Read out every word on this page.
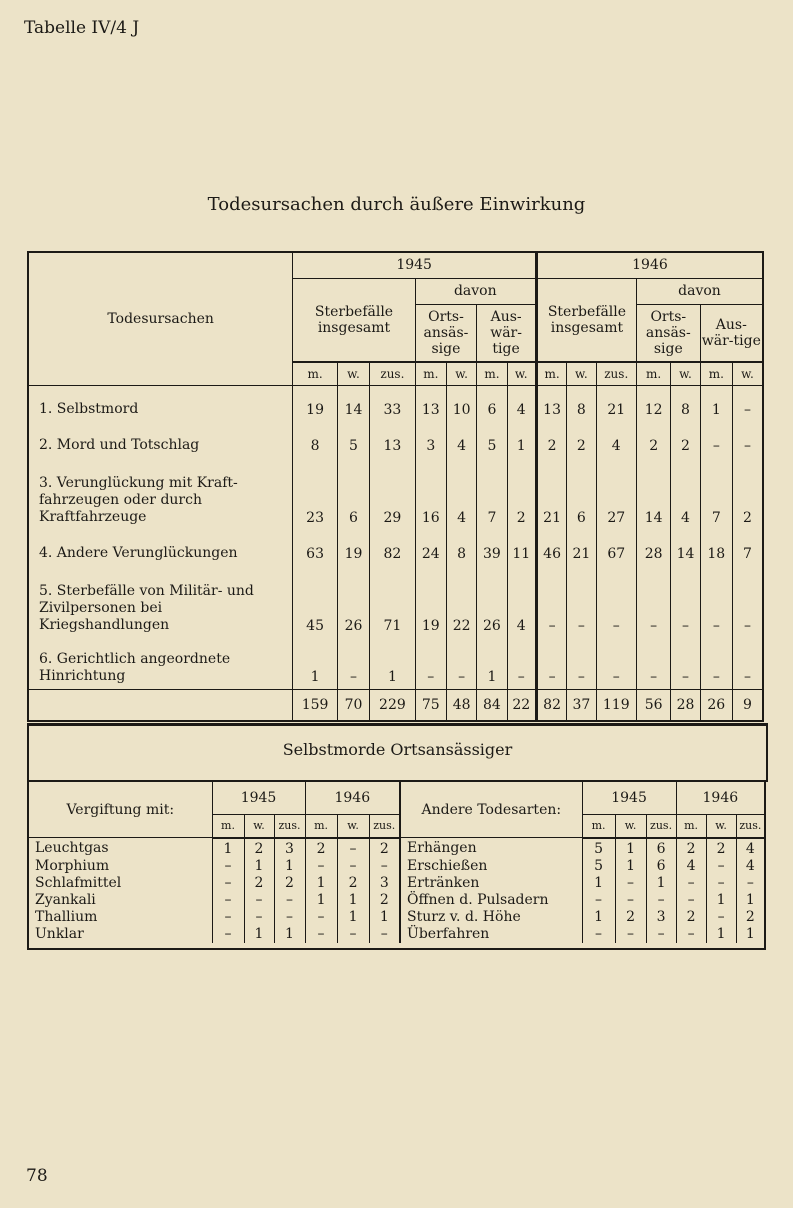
Tabelle IV/4 J
Todesursachen durch äußere Einwirkung
Todesursachen	1945							1946						
	Sterbefälle insgesamt			davon				Sterbefälle insgesamt			davon			
				Orts-ansäs-sige		Aus-wär-tige					Orts-ansäs-sige		Aus-wär-tige	
	m.	w.	zus.	m.	w.	m.	w.	m.	w.	zus.	m.	w.	m.	w.
1. Selbstmord	19	14	33	13	10	6	4	13	8	21	12	8	1	–
2. Mord und Totschlag	8	5	13	3	4	5	1	2	2	4	2	2	–	–
3. Verunglückung mit Kraft-fahrzeugen oder durch Kraftfahrzeuge	23	6	29	16	4	7	2	21	6	27	14	4	7	2
4. Andere Verunglückungen	63	19	82	24	8	39	11	46	21	67	28	14	18	7
5. Sterbefälle von Militär- und Zivilpersonen bei Kriegshandlungen	45	26	71	19	22	26	4	–	–	–	–	–	–	–
6. Gerichtlich angeordnete Hinrichtung	1	–	1	–	–	1	–	–	–	–	–	–	–	–
	159	70	229	75	48	84	22	82	37	119	56	28	26	9
Selbstmorde Ortsansässiger
Vergiftung mit:	1945			1946			Andere Todesarten:	1945			1946		
	m.	w.	zus.	m.	w.	zus.		m.	w.	zus.	m.	w.	zus.
Leuchtgas	1	2	3	2	–	2	Erhängen	5	1	6	2	2	4
Morphium	–	1	1	–	–	–	Erschießen	5	1	6	4	–	4
Schlafmittel	–	2	2	1	2	3	Ertränken	1	–	1	–	–	–
Zyankali	–	–	–	1	1	2	Öffnen d. Pulsadern	–	–	–	–	1	1
Thallium	–	–	–	–	1	1	Sturz v. d. Höhe	1	2	3	2	–	2
Unklar	–	1	1	–	–	–	Überfahren	–	–	–	–	1	1

78
